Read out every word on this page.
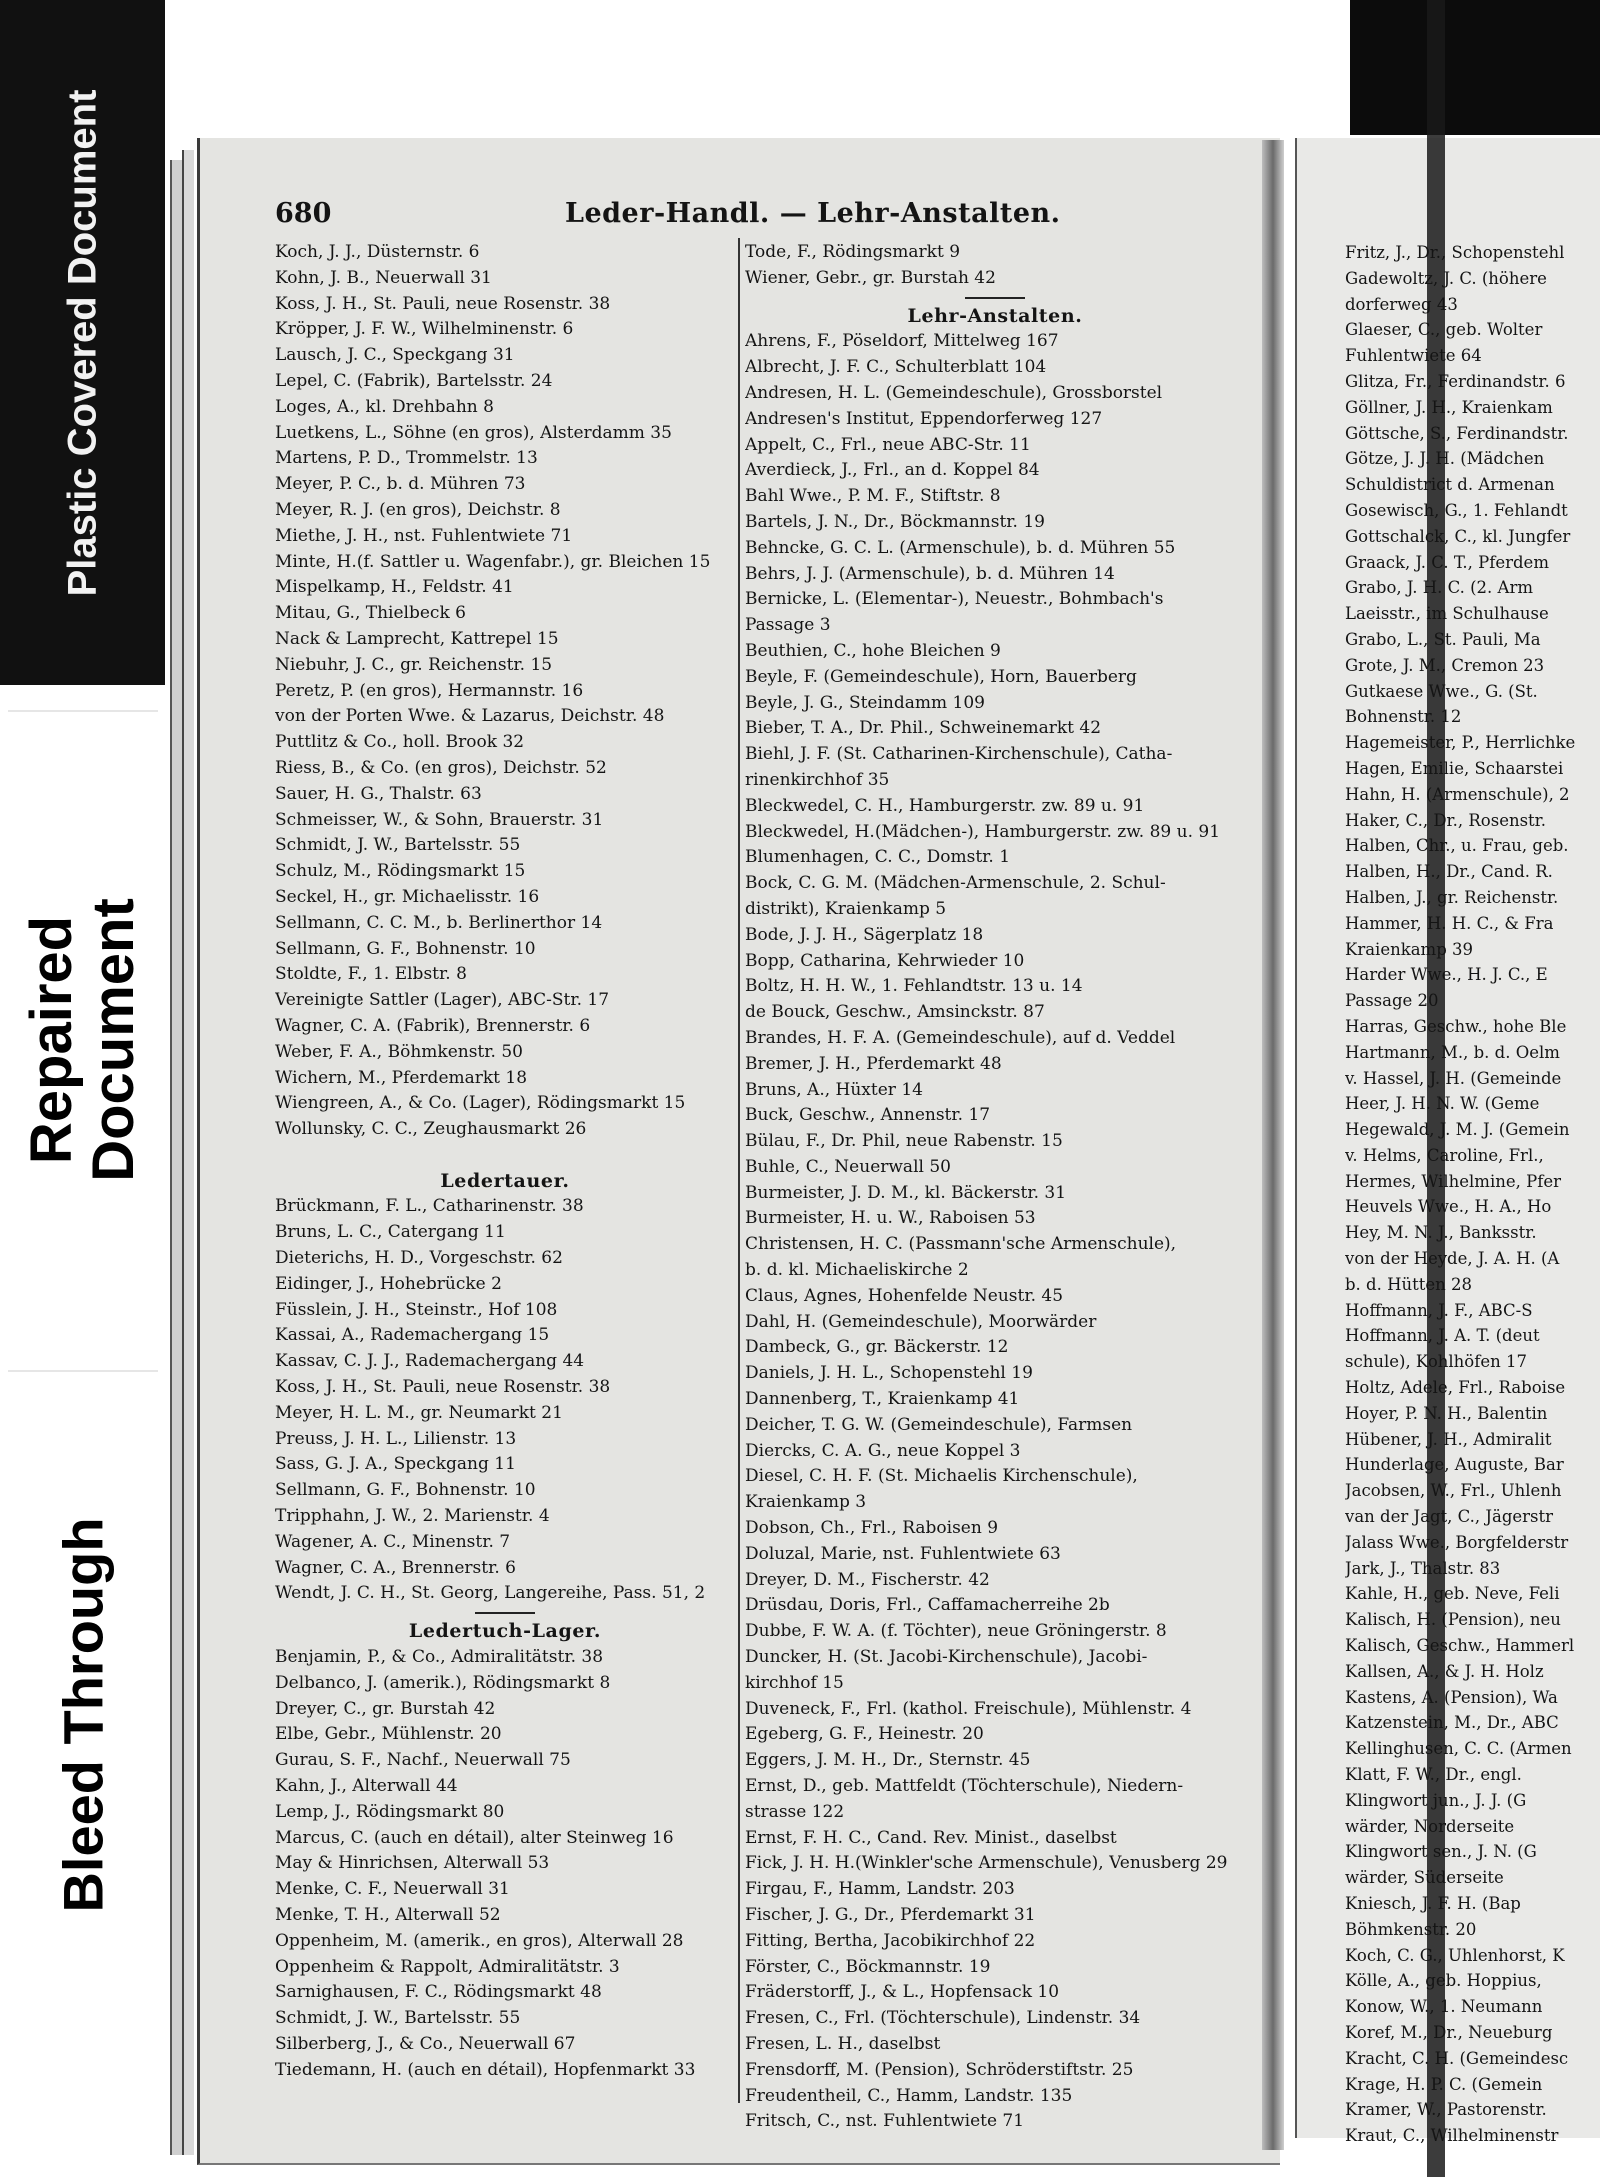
Plastic Covered Document
Repaired
Document
Bleed Through
680	Leder-Handl. — Lehr-Anstalten.
Koch, J. J., Düsternstr. 6
Kohn, J. B., Neuerwall 31
Koss, J. H., St. Pauli, neue Rosenstr. 38
Kröpper, J. F. W., Wilhelminenstr. 6
Lausch, J. C., Speckgang 31
Lepel, C. (Fabrik), Bartelsstr. 24
Loges, A., kl. Drehbahn 8
Luetkens, L., Söhne (en gros), Alsterdamm 35
Martens, P. D., Trommelstr. 13
Meyer, P. C., b. d. Mühren 73
Meyer, R. J. (en gros), Deichstr. 8
Miethe, J. H., nst. Fuhlentwiete 71
Minte, H.(f. Sattler u. Wagenfabr.), gr. Bleichen 15
Mispelkamp, H., Feldstr. 41
Mitau, G., Thielbeck 6
Nack & Lamprecht, Kattrepel 15
Niebuhr, J. C., gr. Reichenstr. 15
Peretz, P. (en gros), Hermannstr. 16
von der Porten Wwe. & Lazarus, Deichstr. 48
Puttlitz & Co., holl. Brook 32
Riess, B., & Co. (en gros), Deichstr. 52
Sauer, H. G., Thalstr. 63
Schmeisser, W., & Sohn, Brauerstr. 31
Schmidt, J. W., Bartelsstr. 55
Schulz, M., Rödingsmarkt 15
Seckel, H., gr. Michaelisstr. 16
Sellmann, C. C. M., b. Berlinerthor 14
Sellmann, G. F., Bohnenstr. 10
Stoldte, F., 1. Elbstr. 8
Vereinigte Sattler (Lager), ABC-Str. 17
Wagner, C. A. (Fabrik), Brennerstr. 6
Weber, F. A., Böhmkenstr. 50
Wichern, M., Pferdemarkt 18
Wiengreen, A., & Co. (Lager), Rödingsmarkt 15
Wollunsky, C. C., Zeughausmarkt 26
Ledertauer.
Brückmann, F. L., Catharinenstr. 38
Bruns, L. C., Catergang 11
Dieterichs, H. D., Vorgeschstr. 62
Eidinger, J., Hohebrücke 2
Füsslein, J. H., Steinstr., Hof 108
Kassai, A., Rademachergang 15
Kassav, C. J. J., Rademachergang 44
Koss, J. H., St. Pauli, neue Rosenstr. 38
Meyer, H. L. M., gr. Neumarkt 21
Preuss, J. H. L., Lilienstr. 13
Sass, G. J. A., Speckgang 11
Sellmann, G. F., Bohnenstr. 10
Tripphahn, J. W., 2. Marienstr. 4
Wagener, A. C., Minenstr. 7
Wagner, C. A., Brennerstr. 6
Wendt, J. C. H., St. Georg, Langereihe, Pass. 51, 2
Ledertuch-Lager.
Benjamin, P., & Co., Admiralitätstr. 38
Delbanco, J. (amerik.), Rödingsmarkt 8
Dreyer, C., gr. Burstah 42
Elbe, Gebr., Mühlenstr. 20
Gurau, S. F., Nachf., Neuerwall 75
Kahn, J., Alterwall 44
Lemp, J., Rödingsmarkt 80
Marcus, C. (auch en détail), alter Steinweg 16
May & Hinrichsen, Alterwall 53
Menke, C. F., Neuerwall 31
Menke, T. H., Alterwall 52
Oppenheim, M. (amerik., en gros), Alterwall 28
Oppenheim & Rappolt, Admiralitätstr. 3
Sarnighausen, F. C., Rödingsmarkt 48
Schmidt, J. W., Bartelsstr. 55
Silberberg, J., & Co., Neuerwall 67
Tiedemann, H. (auch en détail), Hopfenmarkt 33
Tode, F., Rödingsmarkt 9
Wiener, Gebr., gr. Burstah 42
Lehr-Anstalten.
Ahrens, F., Pöseldorf, Mittelweg 167
Albrecht, J. F. C., Schulterblatt 104
Andresen, H. L. (Gemeindeschule), Grossborstel
Andresen's Institut, Eppendorferweg 127
Appelt, C., Frl., neue ABC-Str. 11
Averdieck, J., Frl., an d. Koppel 84
Bahl Wwe., P. M. F., Stiftstr. 8
Bartels, J. N., Dr., Böckmannstr. 19
Behncke, G. C. L. (Armenschule), b. d. Mühren 55
Behrs, J. J. (Armenschule), b. d. Mühren 14
Bernicke, L. (Elementar-), Neuestr., Bohmbach's
Passage 3
Beuthien, C., hohe Bleichen 9
Beyle, F. (Gemeindeschule), Horn, Bauerberg
Beyle, J. G., Steindamm 109
Bieber, T. A., Dr. Phil., Schweinemarkt 42
Biehl, J. F. (St. Catharinen-Kirchenschule), Catha-
rinenkirchhof 35
Bleckwedel, C. H., Hamburgerstr. zw. 89 u. 91
Bleckwedel, H.(Mädchen-), Hamburgerstr. zw. 89 u. 91
Blumenhagen, C. C., Domstr. 1
Bock, C. G. M. (Mädchen-Armenschule, 2. Schul-
distrikt), Kraienkamp 5
Bode, J. J. H., Sägerplatz 18
Bopp, Catharina, Kehrwieder 10
Boltz, H. H. W., 1. Fehlandtstr. 13 u. 14
de Bouck, Geschw., Amsinckstr. 87
Brandes, H. F. A. (Gemeindeschule), auf d. Veddel
Bremer, J. H., Pferdemarkt 48
Bruns, A., Hüxter 14
Buck, Geschw., Annenstr. 17
Bülau, F., Dr. Phil, neue Rabenstr. 15
Buhle, C., Neuerwall 50
Burmeister, J. D. M., kl. Bäckerstr. 31
Burmeister, H. u. W., Raboisen 53
Christensen, H. C. (Passmann'sche Armenschule),
b. d. kl. Michaeliskirche 2
Claus, Agnes, Hohenfelde Neustr. 45
Dahl, H. (Gemeindeschule), Moorwärder
Dambeck, G., gr. Bäckerstr. 12
Daniels, J. H. L., Schopenstehl 19
Dannenberg, T., Kraienkamp 41
Deicher, T. G. W. (Gemeindeschule), Farmsen
Diercks, C. A. G., neue Koppel 3
Diesel, C. H. F. (St. Michaelis Kirchenschule),
Kraienkamp 3
Dobson, Ch., Frl., Raboisen 9
Doluzal, Marie, nst. Fuhlentwiete 63
Dreyer, D. M., Fischerstr. 42
Drüsdau, Doris, Frl., Caffamacherreihe 2b
Dubbe, F. W. A. (f. Töchter), neue Gröningerstr. 8
Duncker, H. (St. Jacobi-Kirchenschule), Jacobi-
kirchhof 15
Duveneck, F., Frl. (kathol. Freischule), Mühlenstr. 4
Egeberg, G. F., Heinestr. 20
Eggers, J. M. H., Dr., Sternstr. 45
Ernst, D., geb. Mattfeldt (Töchterschule), Niedern-
strasse 122
Ernst, F. H. C., Cand. Rev. Minist., daselbst
Fick, J. H. H.(Winkler'sche Armenschule), Venusberg 29
Firgau, F., Hamm, Landstr. 203
Fischer, J. G., Dr., Pferdemarkt 31
Fitting, Bertha, Jacobikirchhof 22
Förster, C., Böckmannstr. 19
Fräderstorff, J., & L., Hopfensack 10
Fresen, C., Frl. (Töchterschule), Lindenstr. 34
Fresen, L. H., daselbst
Frensdorff, M. (Pension), Schröderstiftstr. 25
Freudentheil, C., Hamm, Landstr. 135
Fritsch, C., nst. Fuhlentwiete 71
Fritz, J., Dr., Schopenstehl
Gadewoltz, J. C. (höhere
dorferweg 43
Glaeser, C., geb. Wolter
Fuhlentwiete 64
Glitza, Fr., Ferdinandstr. 6
Göllner, J. H., Kraienkam
Göttsche, S., Ferdinandstr.
Götze, J. J. H. (Mädchen
Schuldistrict d. Armenan
Gosewisch, G., 1. Fehlandt
Gottschalck, C., kl. Jungfer
Graack, J. C. T., Pferdem
Grabo, J. H. C. (2. Arm
Laeisstr., im Schulhause
Grabo, L., St. Pauli, Ma
Grote, J. M., Cremon 23
Gutkaese Wwe., G. (St.
Bohnenstr. 12
Hagemeister, P., Herrlichke
Hagen, Emilie, Schaarstei
Hahn, H. (Armenschule), 2
Haker, C., Dr., Rosenstr.
Halben, Chr., u. Frau, geb.
Halben, H., Dr., Cand. R.
Halben, J., gr. Reichenstr.
Hammer, H. H. C., & Fra
Kraienkamp 39
Harder Wwe., H. J. C., E
Passage 20
Harras, Geschw., hohe Ble
Hartmann, M., b. d. Oelm
v. Hassel, J. H. (Gemeinde
Heer, J. H. N. W. (Geme
Hegewald, J. M. J. (Gemein
v. Helms, Caroline, Frl.,
Hermes, Wilhelmine, Pfer
Heuvels Wwe., H. A., Ho
Hey, M. N. J., Banksstr.
von der Heyde, J. A. H. (A
b. d. Hütten 28
Hoffmann, J. F., ABC-S
Hoffmann, J. A. T. (deut
schule), Kohlhöfen 17
Holtz, Adele, Frl., Raboise
Hoyer, P. N. H., Balentin
Hübener, J. H., Admiralit
Hunderlage, Auguste, Bar
Jacobsen, W., Frl., Uhlenh
van der Jagt, C., Jägerstr
Jalass Wwe., Borgfelderstr
Jark, J., Thalstr. 83
Kahle, H., geb. Neve, Feli
Kalisch, H. (Pension), neu
Kalisch, Geschw., Hammerl
Kallsen, A., & J. H. Holz
Kastens, A. (Pension), Wa
Katzenstein, M., Dr., ABC
Kellinghusen, C. C. (Armen
Klatt, F. W., Dr., engl.
Klingwort jun., J. J. (G
wärder, Norderseite
Klingwort sen., J. N. (G
wärder, Süderseite
Kniesch, J. F. H. (Bap
Böhmkenstr. 20
Koch, C. G., Uhlenhorst, K
Kölle, A., geb. Hoppius,
Konow, W., 1. Neumann
Koref, M., Dr., Neueburg
Kracht, C. H. (Gemeindesc
Krage, H. P. C. (Gemein
Kramer, W., Pastorenstr.
Kraut, C., Wilhelminenstr
